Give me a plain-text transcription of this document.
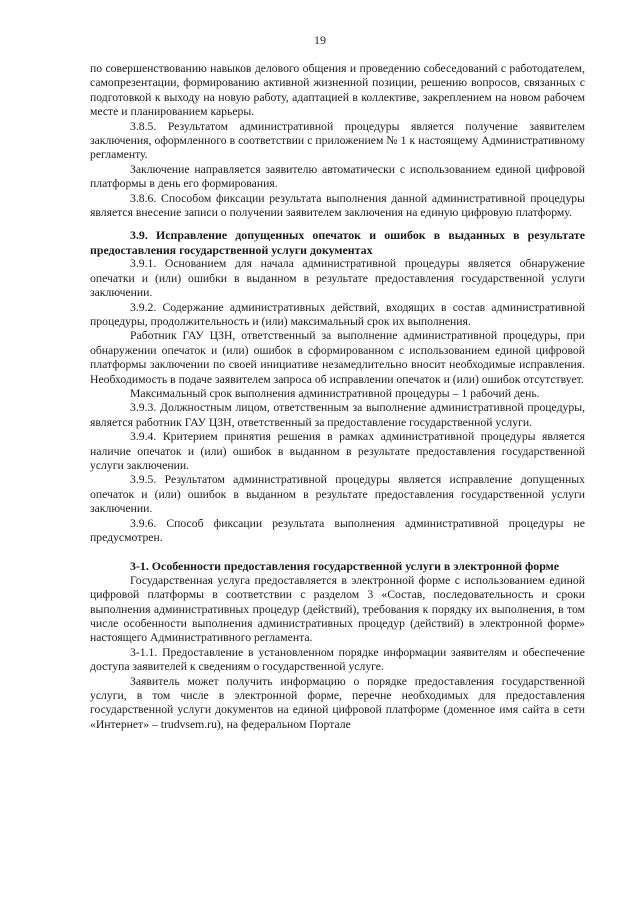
19

по совершенствованию навыков делового общения и проведению собеседований с работодателем, самопрезентации, формированию активной жизненной позиции, решению вопросов, связанных с подготовкой к выходу на новую работу, адаптацией в коллективе, закреплением на новом рабочем месте и планированием карьеры.

3.8.5. Результатом административной процедуры является получение заявителем заключения, оформленного в соответствии с приложением № 1 к настоящему Административному регламенту.

Заключение направляется заявителю автоматически с использованием единой цифровой платформы в день его формирования.

3.8.6. Способом фиксации результата выполнения данной административной процедуры является внесение записи о получении заявителем заключения на единую цифровую платформу.

3.9. Исправление допущенных опечаток и ошибок в выданных в результате предоставления государственной услуги документах

3.9.1. Основанием для начала административной процедуры является обнаружение опечатки и (или) ошибки в выданном в результате предоставления государственной услуги заключении.

3.9.2. Содержание административных действий, входящих в состав административной процедуры, продолжительность и (или) максимальный срок их выполнения.

Работник ГАУ ЦЗН, ответственный за выполнение административной процедуры, при обнаружении опечаток и (или) ошибок в сформированном с использованием единой цифровой платформы заключении по своей инициативе незамедлительно вносит необходимые исправления. Необходимость в подаче заявителем запроса об исправлении опечаток и (или) ошибок отсутствует.

Максимальный срок выполнения административной процедуры – 1 рабочий день.

3.9.3. Должностным лицом, ответственным за выполнение административной процедуры, является работник ГАУ ЦЗН, ответственный за предоставление государственной услуги.

3.9.4. Критерием принятия решения в рамках административной процедуры является наличие опечаток и (или) ошибок в выданном в результате предоставления государственной услуги заключении.

3.9.5. Результатом административной процедуры является исправление допущенных опечаток и (или) ошибок в выданном в результате предоставления государственной услуги заключении.

3.9.6. Способ фиксации результата выполнения административной процедуры не предусмотрен.

3-1. Особенности предоставления государственной услуги в электронной форме

Государственная услуга предоставляется в электронной форме с использованием единой цифровой платформы в соответствии с разделом 3 «Состав, последовательность и сроки выполнения административных процедур (действий), требования к порядку их выполнения, в том числе особенности выполнения административных процедур (действий) в электронной форме» настоящего Административного регламента.

3-1.1. Предоставление в установленном порядке информации заявителям и обеспечение доступа заявителей к сведениям о государственной услуге.

Заявитель может получить информацию о порядке предоставления государственной услуги, в том числе в электронной форме, перечне необходимых для предоставления государственной услуги документов на единой цифровой платформе (доменное имя сайта в сети «Интернет» – trudvsem.ru), на федеральном Портале
